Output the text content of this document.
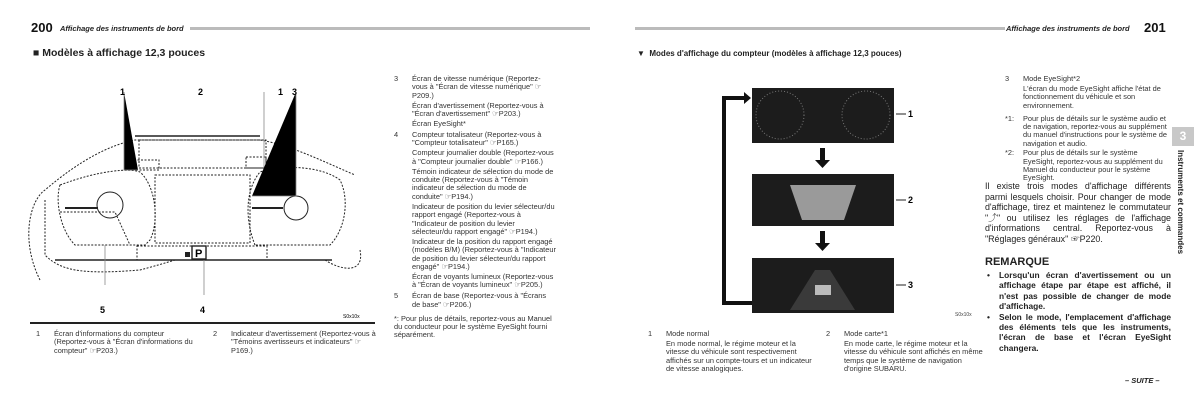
200 Affichage des instruments de bord
■ Modèles à affichage 12,3 pouces
P
1	2	1 3
5	4
S0x10x
1	Écran d'informations du compteur (Reportez-vous à "Écran d'informations du compteur" ☞P203.)
2	Indicateur d'avertissement (Reportez-vous à "Témoins avertisseurs et indicateurs" ☞P169.)
3	Écran de vitesse numérique (Reportez-vous à "Écran de vitesse numérique" ☞P209.)

Écran d'avertissement (Reportez-vous à "Écran d'avertissement" ☞P203.)

Écran EyeSight*

4	Compteur totalisateur (Reportez-vous à "Compteur totalisateur" ☞P165.)

Compteur journalier double (Reportez-vous à "Compteur journalier double" ☞P166.)

Témoin indicateur de sélection du mode de conduite (Reportez-vous à "Témoin indicateur de sélection du mode de conduite" ☞P194.)

Indicateur de position du levier sélecteur/du rapport engagé (Reportez-vous à "Indicateur de position du levier sélecteur/du rapport engagé" ☞P194.)

Indicateur de la position du rapport engagé (modèles B/M) (Reportez-vous à "Indicateur de position du levier sélecteur/du rapport engagé" ☞P194.)

Écran de voyants lumineux (Reportez-vous à "Écran de voyants lumineux" ☞P205.)

5	Écran de base (Reportez-vous à "Écrans de base" ☞P206.)

*: Pour plus de détails, reportez-vous au Manuel du conducteur pour le système EyeSight fourni séparément.

Affichage des instruments de bord 201
▼  Modes d'affichage du compteur (modèles à affichage 12,3 pouces)
1
2
3
S0x10x
1	Mode normal

En mode normal, le régime moteur et la vitesse du véhicule sont respectivement affichés sur un compte-tours et un indicateur de vitesse analogiques.

2	Mode carte*1

En mode carte, le régime moteur et la vitesse du véhicule sont affichés en même temps que le système de navigation d'origine SUBARU.

3	Mode EyeSight*2

L'écran du mode EyeSight affiche l'état de fonctionnement du véhicule et son environnement.

*1:	Pour plus de détails sur le système audio et de navigation, reportez-vous au supplément du manuel d'instructions pour le système de navigation et audio.
*2:	Pour plus de détails sur le système EyeSight, reportez-vous au supplément du Manuel du conducteur pour le système EyeSight.
Il existe trois modes d'affichage différents parmi lesquels choisir. Pour changer de mode d'affichage, tirez et maintenez le commutateur "⤴" ou utilisez les réglages de l'affichage d'informations central. Reportez-vous à "Réglages généraux" ☞P220.
REMARQUE
•	Lorsqu'un écran d'avertissement ou un affichage étape par étape est affiché, il n'est pas possible de changer de mode d'affichage.
•	Selon le mode, l'emplacement d'affichage des éléments tels que les instruments, l'écran de base et l'écran EyeSight changera.
3
Instruments et commandes
– SUITE –
